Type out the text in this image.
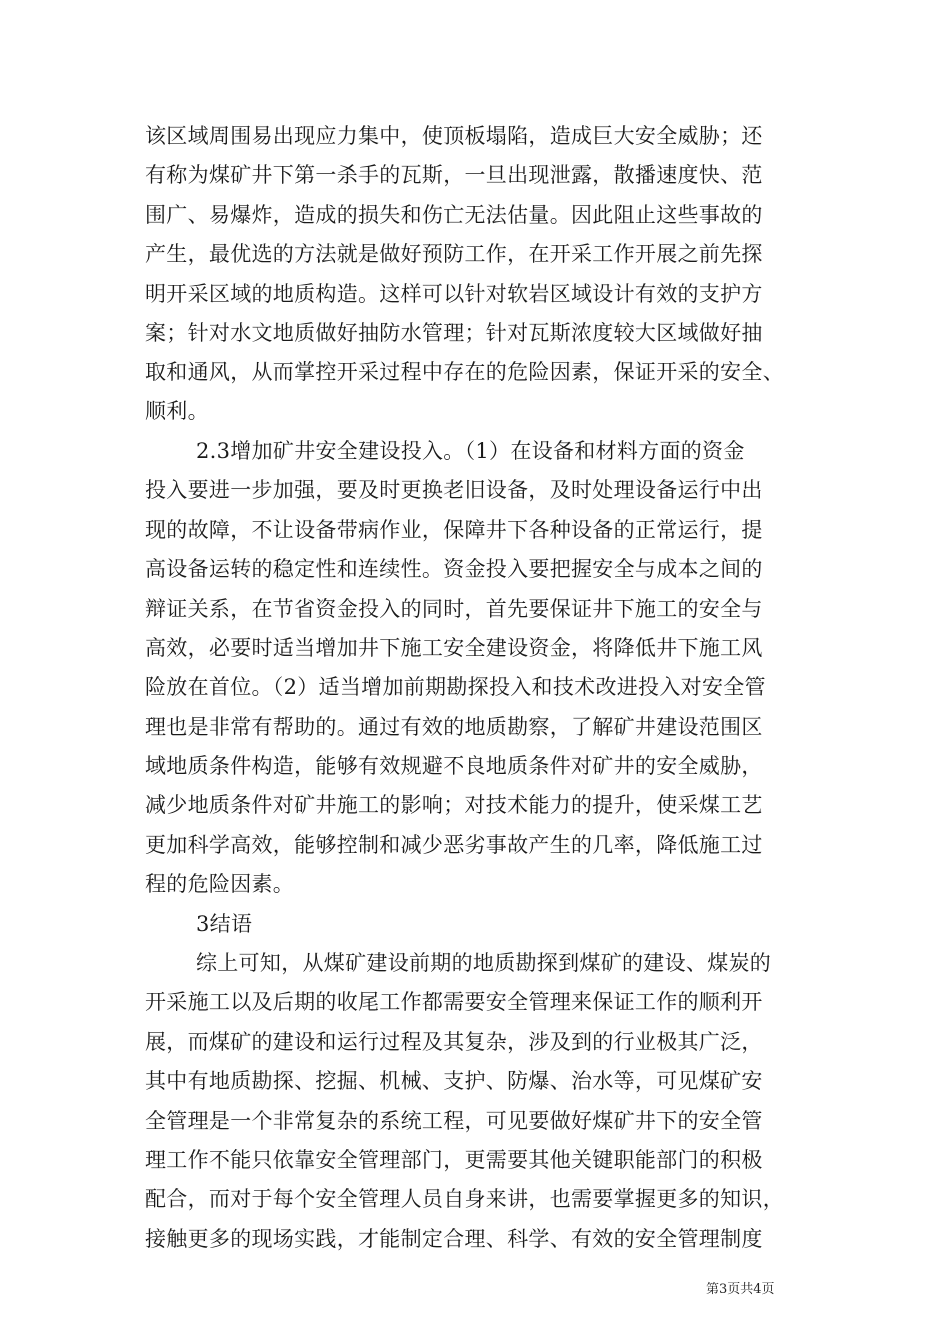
该区域周围易出现应力集中，使顶板塌陷，造成巨大安全威胁；还
有称为煤矿井下第一杀手的瓦斯，一旦出现泄露，散播速度快、范
围广、易爆炸，造成的损失和伤亡无法估量。因此阻止这些事故的
产生，最优选的方法就是做好预防工作，在开采工作开展之前先探
明开采区域的地质构造。这样可以针对软岩区域设计有效的支护方
案；针对水文地质做好抽防水管理；针对瓦斯浓度较大区域做好抽
取和通风，从而掌控开采过程中存在的危险因素，保证开采的安全、
顺利。
2.3增加矿井安全建设投入。（1）在设备和材料方面的资金
投入要进一步加强，要及时更换老旧设备，及时处理设备运行中出
现的故障，不让设备带病作业，保障井下各种设备的正常运行，提
高设备运转的稳定性和连续性。资金投入要把握安全与成本之间的
辩证关系，在节省资金投入的同时，首先要保证井下施工的安全与
高效，必要时适当增加井下施工安全建设资金，将降低井下施工风
险放在首位。（2）适当增加前期勘探投入和技术改进投入对安全管
理也是非常有帮助的。通过有效的地质勘察，了解矿井建设范围区
域地质条件构造，能够有效规避不良地质条件对矿井的安全威胁，
减少地质条件对矿井施工的影响；对技术能力的提升，使采煤工艺
更加科学高效，能够控制和减少恶劣事故产生的几率，降低施工过
程的危险因素。
3结语
综上可知，从煤矿建设前期的地质勘探到煤矿的建设、煤炭的
开采施工以及后期的收尾工作都需要安全管理来保证工作的顺利开
展，而煤矿的建设和运行过程及其复杂，涉及到的行业极其广泛，
其中有地质勘探、挖掘、机械、支护、防爆、治水等，可见煤矿安
全管理是一个非常复杂的系统工程，可见要做好煤矿井下的安全管
理工作不能只依靠安全管理部门，更需要其他关键职能部门的积极
配合，而对于每个安全管理人员自身来讲，也需要掌握更多的知识，
接触更多的现场实践，才能制定合理、科学、有效的安全管理制度
第3页共4页
